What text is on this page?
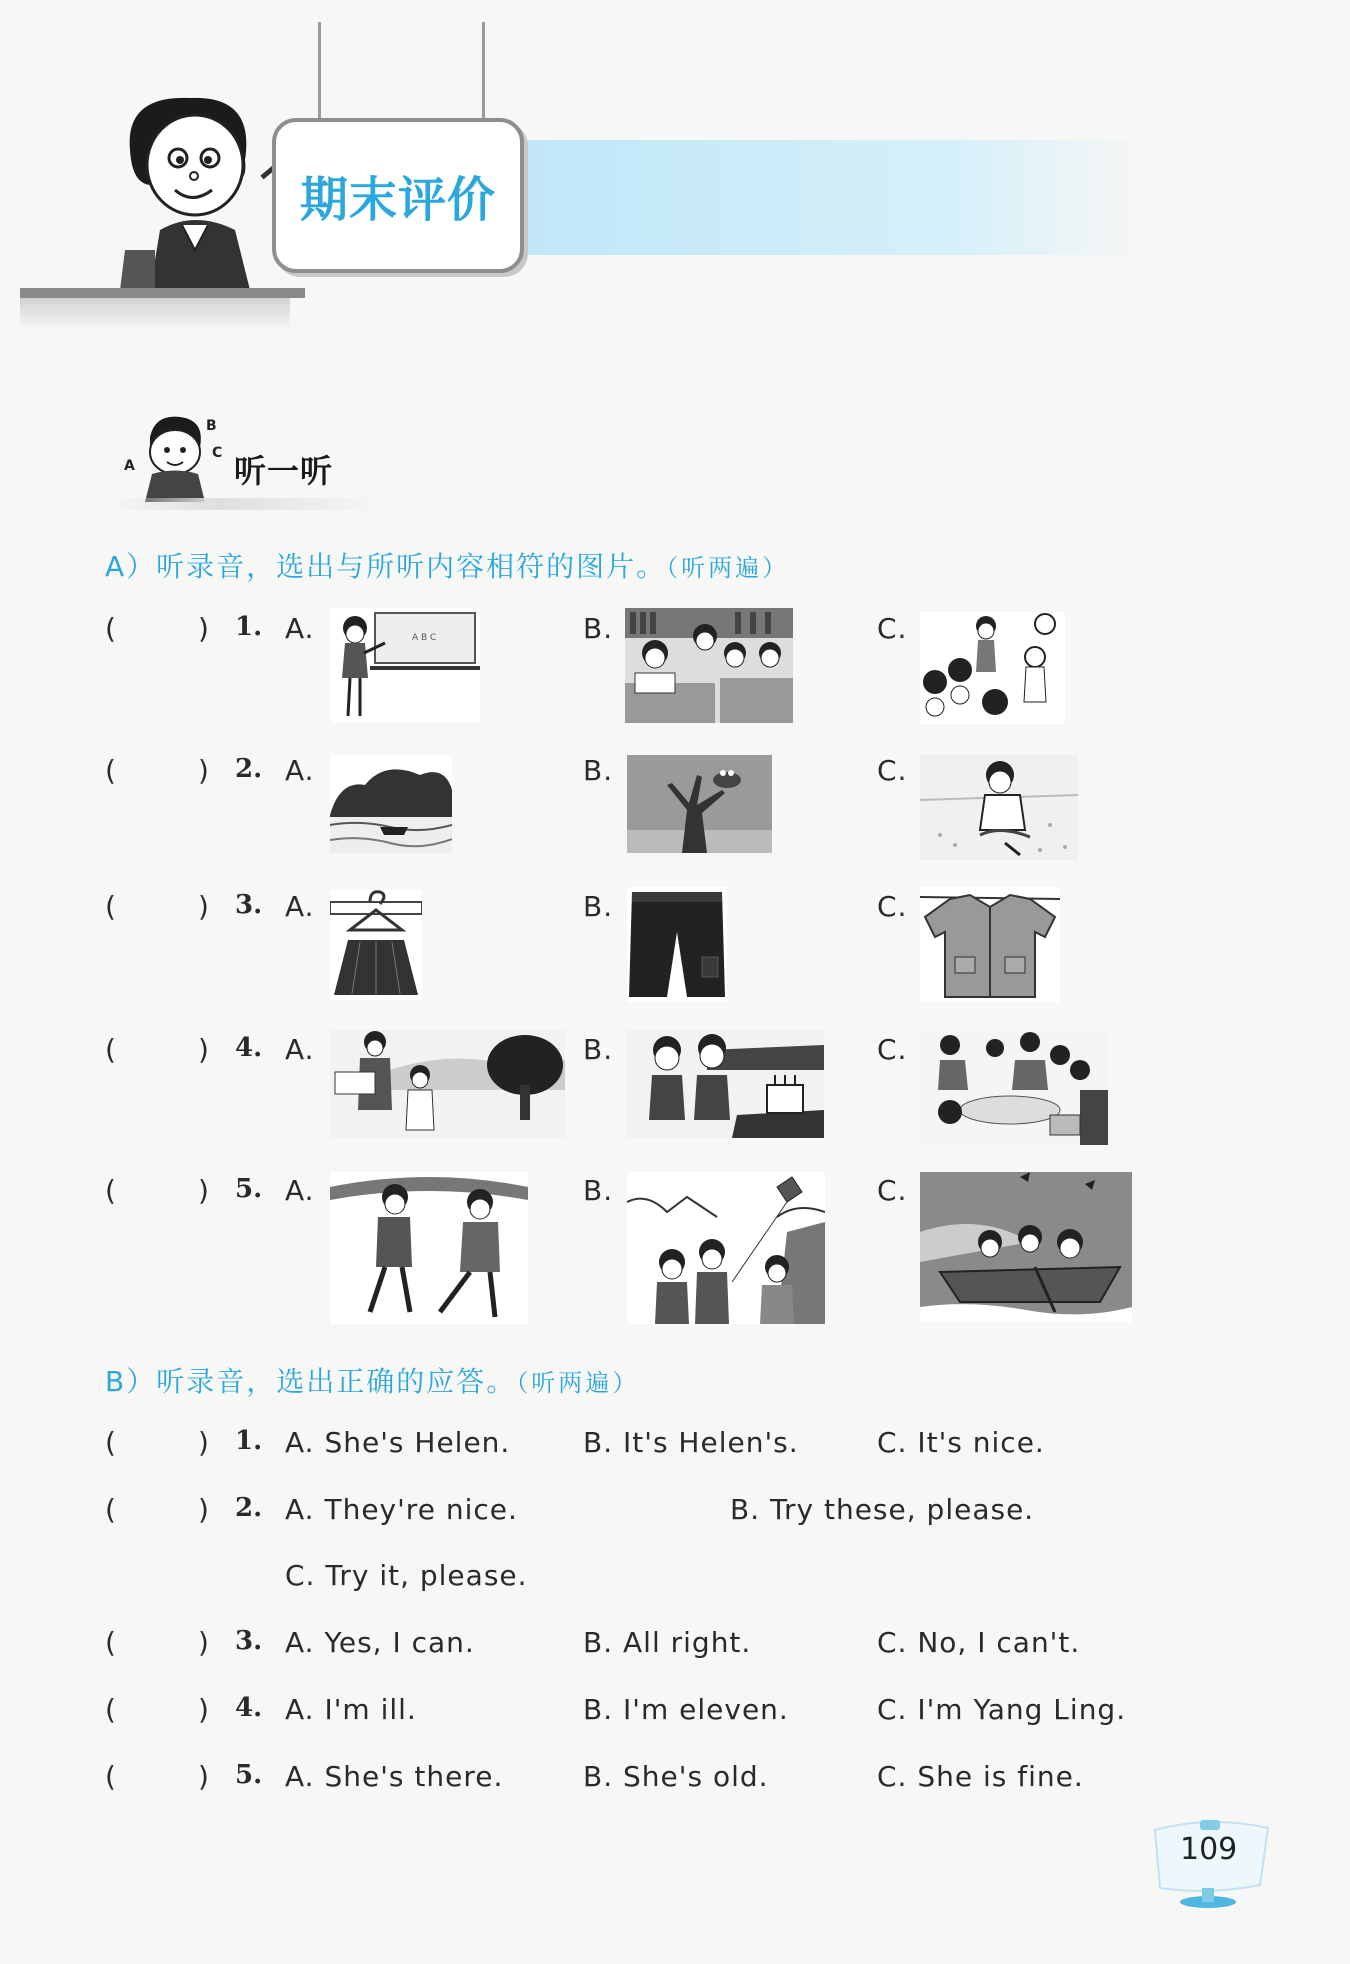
期末评价
B
C
A	听一听
A）听录音，选出与所听内容相符的图片。（听两遍）
(	) 1. A.	B.	C.
A B C
(	) 2. A.	B.	C.
(	) 3. A.	B.	C.
(	) 4. A.	B.	C.
(	) 5. A.	B.	C.
B）听录音，选出正确的应答。（听两遍）
(	) 1. A. She's Helen.	B. It's Helen's.	C. It's nice.
(	) 2. A. They're nice.	B. Try these, please.
C. Try it, please.
(	) 3. A. Yes, I can.	B. All right.	C. No, I can't.
(	) 4. A. I'm ill.	B. I'm eleven.	C. I'm Yang Ling.
(	) 5. A. She's there.	B. She's old.	C. She is fine.
109
